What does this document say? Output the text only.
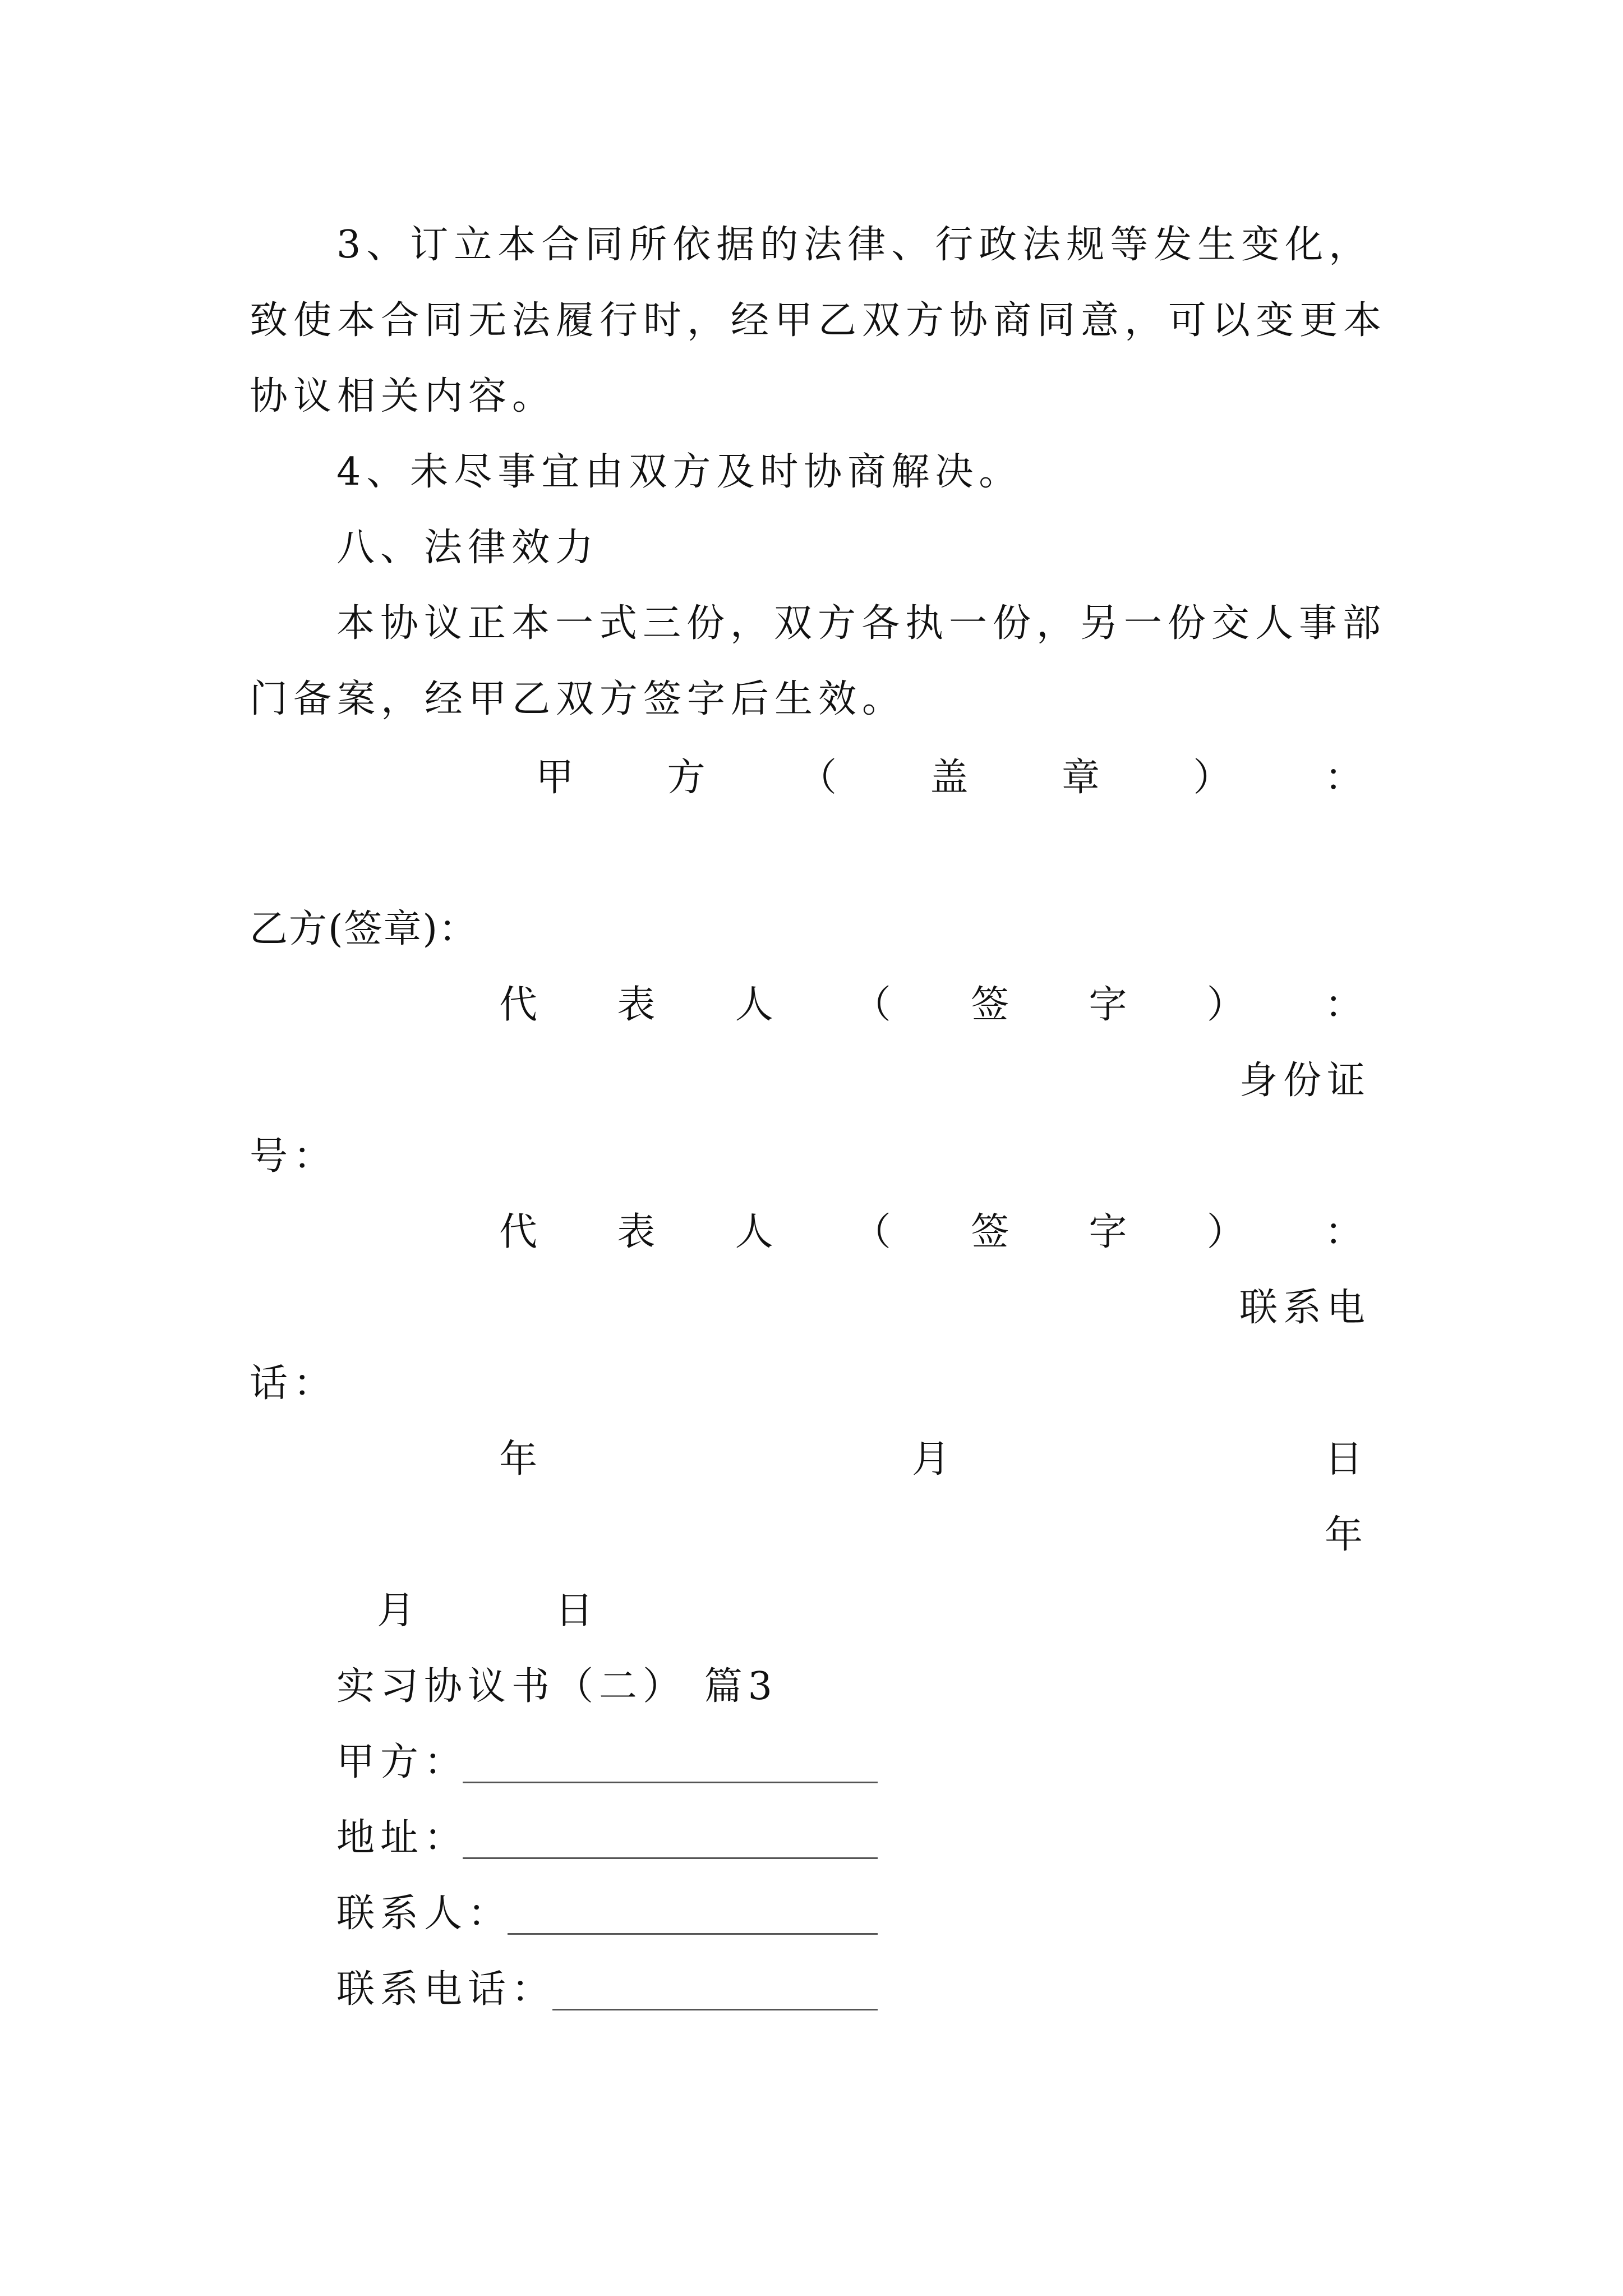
3、订立本合同所依据的法律、行政法规等发生变化，
致使本合同无法履行时，经甲乙双方协商同意，可以变更本
协议相关内容。
4、未尽事宜由双方及时协商解决。
八、法律效力
本协议正本一式三份，双方各执一份，另一份交人事部
门备案，经甲乙双方签字后生效。
甲 方 （ 盖 章 ） ：
乙方(签章)：
代 表 人 （ 签 字 ） ：
身份证
号：
代 表 人 （ 签 字 ） ：
联系电
话：
年	月	日
年
月	日
实习协议书（二） 篇3
甲方：
地址：
联系人：
联系电话：
